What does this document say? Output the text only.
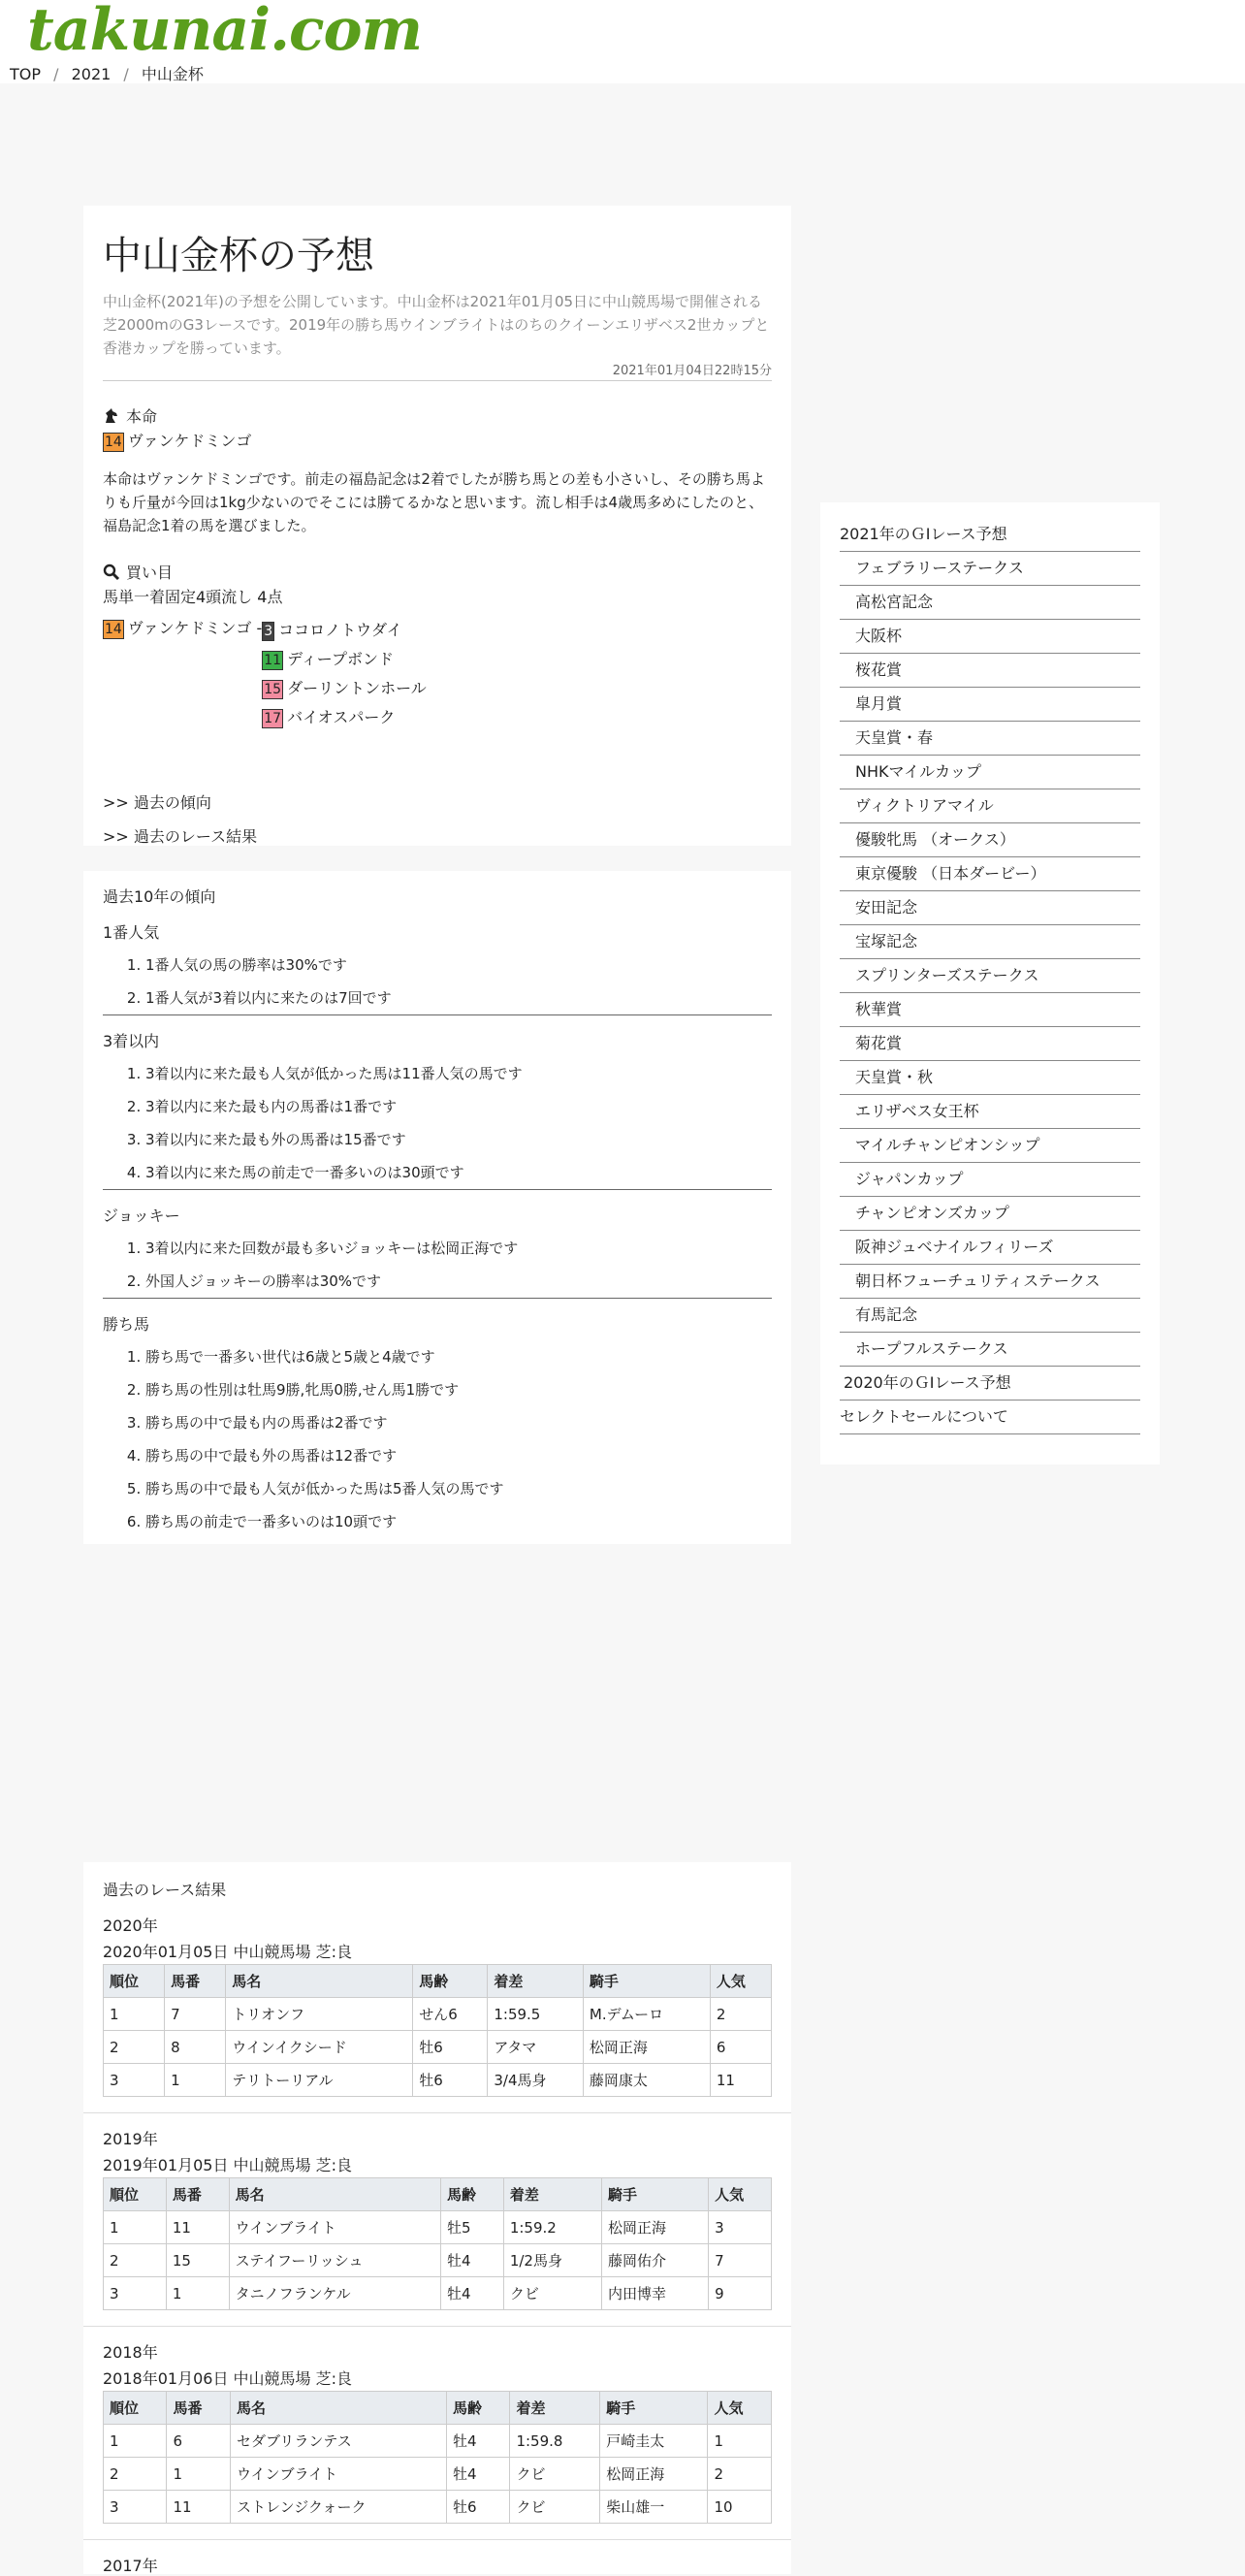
takunai.com
TOP / 2021 / 中山金杯
中山金杯の予想
中山金杯(2021年)の予想を公開しています。中山金杯は2021年01月05日に中山競馬場で開催される芝2000mのG3レースです。2019年の勝ち馬ウインブライトはのちのクイーンエリザベス2世カップと香港カップを勝っています。
2021年01月04日22時15分
本命
14 ヴァンケドミンゴ
本命はヴァンケドミンゴです。前走の福島記念は2着でしたが勝ち馬との差も小さいし、その勝ち馬よりも斤量が今回は1kg少ないのでそこには勝てるかなと思います。流し相手は4歳馬多めにしたのと、福島記念1着の馬を選びました。
買い目
馬単一着固定4頭流し 4点
14 ヴァンケドミンゴ - 3 ココロノトウダイ
11 ディープボンド
15 ダーリントンホール
17 バイオスパーク
>> 過去の傾向
>> 過去のレース結果
過去10年の傾向
1番人気
1. 1番人気の馬の勝率は30%です
2. 1番人気が3着以内に来たのは7回です
3着以内
1. 3着以内に来た最も人気が低かった馬は11番人気の馬です
2. 3着以内に来た最も内の馬番は1番です
3. 3着以内に来た最も外の馬番は15番です
4. 3着以内に来た馬の前走で一番多いのは30頭です
ジョッキー
1. 3着以内に来た回数が最も多いジョッキーは松岡正海です
2. 外国人ジョッキーの勝率は30%です
勝ち馬
1. 勝ち馬で一番多い世代は6歳と5歳と4歳です
2. 勝ち馬の性別は牡馬9勝,牝馬0勝,せん馬1勝です
3. 勝ち馬の中で最も内の馬番は2番です
4. 勝ち馬の中で最も外の馬番は12番です
5. 勝ち馬の中で最も人気が低かった馬は5番人気の馬です
6. 勝ち馬の前走で一番多いのは10頭です
2021年のＧⅠレース予想
フェブラリーステークス
高松宮記念
大阪杯
桜花賞
皐月賞
天皇賞・春
NHKマイルカップ
ヴィクトリアマイル
優駿牝馬 （オークス）
東京優駿 （日本ダービー）
安田記念
宝塚記念
スプリンターズステークス
秋華賞
菊花賞
天皇賞・秋
エリザベス女王杯
マイルチャンピオンシップ
ジャパンカップ
チャンピオンズカップ
阪神ジュベナイルフィリーズ
朝日杯フューチュリティステークス
有馬記念
ホープフルステークス
2020年のＧⅠレース予想
セレクトセールについて
過去のレース結果
2020年
2020年01月05日 中山競馬場 芝:良
順位	馬番	馬名	馬齢	着差	騎手	人気
1	7	トリオンフ	せん6	1:59.5	M.デムーロ	2
2	8	ウインイクシード	牡6	アタマ	松岡正海	6
3	1	テリトーリアル	牡6	3/4馬身	藤岡康太	11
2019年
2019年01月05日 中山競馬場 芝:良
順位	馬番	馬名	馬齢	着差	騎手	人気
1	11	ウインブライト	牡5	1:59.2	松岡正海	3
2	15	ステイフーリッシュ	牡4	1/2馬身	藤岡佑介	7
3	1	タニノフランケル	牡4	クビ	内田博幸	9
2018年
2018年01月06日 中山競馬場 芝:良
順位	馬番	馬名	馬齢	着差	騎手	人気
1	6	セダブリランテス	牡4	1:59.8	戸崎圭太	1
2	1	ウインブライト	牡4	クビ	松岡正海	2
3	11	ストレンジクォーク	牡6	クビ	柴山雄一	10
2017年
